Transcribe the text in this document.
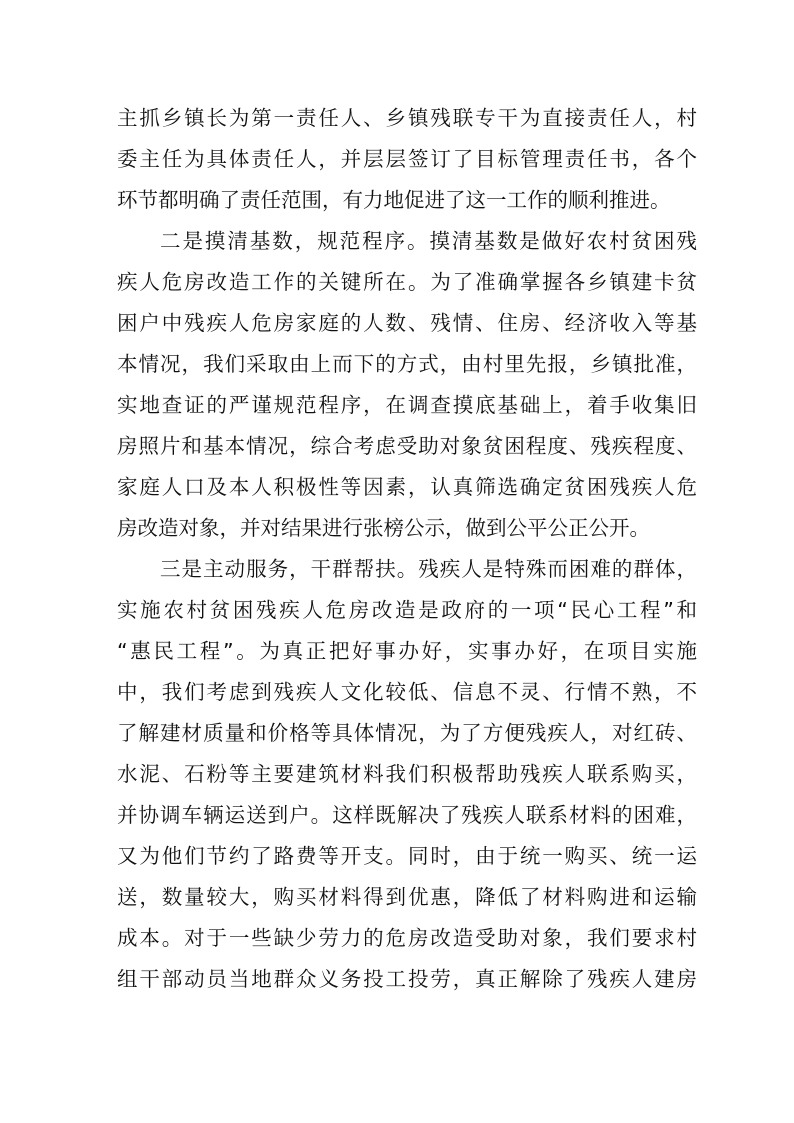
主抓乡镇长为第一责任人、乡镇残联专干为直接责任人，村
委主任为具体责任人，并层层签订了目标管理责任书，各个
环节都明确了责任范围，有力地促进了这一工作的顺利推进。
二是摸清基数，规范程序。摸清基数是做好农村贫困残
疾人危房改造工作的关键所在。为了准确掌握各乡镇建卡贫
困户中残疾人危房家庭的人数、残情、住房、经济收入等基
本情况，我们采取由上而下的方式，由村里先报，乡镇批准，
实地查证的严谨规范程序，在调查摸底基础上，着手收集旧
房照片和基本情况，综合考虑受助对象贫困程度、残疾程度、
家庭人口及本人积极性等因素，认真筛选确定贫困残疾人危
房改造对象，并对结果进行张榜公示，做到公平公正公开。
三是主动服务，干群帮扶。残疾人是特殊而困难的群体，
实施农村贫困残疾人危房改造是政府的一项“民心工程”和
“惠民工程”。为真正把好事办好，实事办好，在项目实施
中，我们考虑到残疾人文化较低、信息不灵、行情不熟，不
了解建材质量和价格等具体情况，为了方便残疾人，对红砖、
水泥、石粉等主要建筑材料我们积极帮助残疾人联系购买，
并协调车辆运送到户。这样既解决了残疾人联系材料的困难，
又为他们节约了路费等开支。同时，由于统一购买、统一运
送，数量较大，购买材料得到优惠，降低了材料购进和运输
成本。对于一些缺少劳力的危房改造受助对象，我们要求村
组干部动员当地群众义务投工投劳，真正解除了残疾人建房
